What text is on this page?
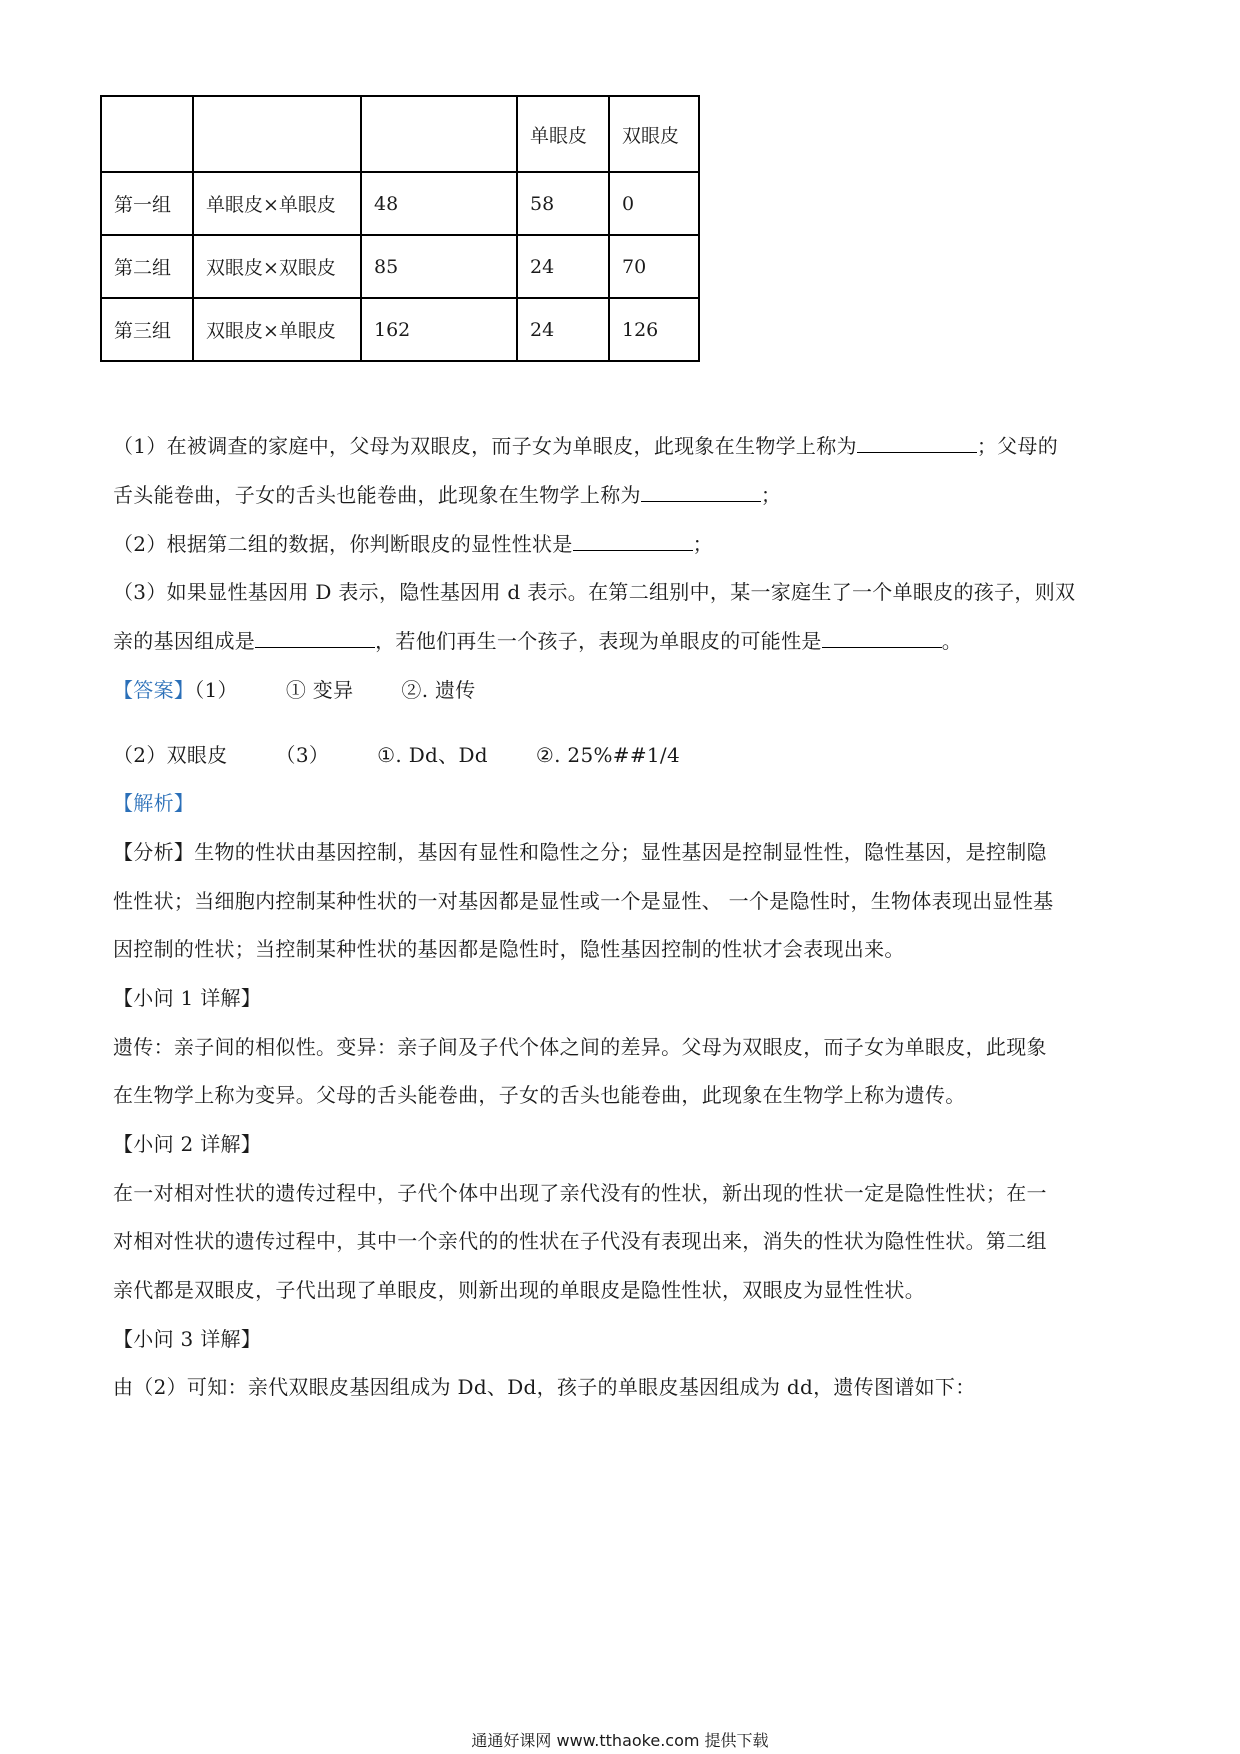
			单眼皮	双眼皮
第一组	单眼皮×单眼皮	48	58	0
第二组	双眼皮×双眼皮	85	24	70
第三组	双眼皮×单眼皮	162	24	126
（1）在被调查的家庭中，父母为双眼皮，而子女为单眼皮，此现象在生物学上称为	；父母的
舌头能卷曲，子女的舌头也能卷曲，此现象在生物学上称为	；
（2）根据第二组的数据，你判断眼皮的显性性状是	；
（3）如果显性基因用 D 表示，隐性基因用 d 表示。在第二组别中，某一家庭生了一个单眼皮的孩子，则双
亲的基因组成是	，若他们再生一个孩子，表现为单眼皮的可能性是	。
【答案】（1） ① 变异 ②. 遗传
（2）双眼皮 （3） ①. Dd、Dd ②. 25%##1/4
【解析】
【分析】生物的性状由基因控制，基因有显性和隐性之分；显性基因是控制显性性，隐性基因，是控制隐
性性状；当细胞内控制某种性状的一对基因都是显性或一个是显性、 一个是隐性时，生物体表现出显性基
因控制的性状；当控制某种性状的基因都是隐性时，隐性基因控制的性状才会表现出来。
【小问 1 详解】
遗传：亲子间的相似性。变异：亲子间及子代个体之间的差异。父母为双眼皮，而子女为单眼皮，此现象
在生物学上称为变异。父母的舌头能卷曲，子女的舌头也能卷曲，此现象在生物学上称为遗传。
【小问 2 详解】
在一对相对性状的遗传过程中，子代个体中出现了亲代没有的性状，新出现的性状一定是隐性性状；在一
对相对性状的遗传过程中，其中一个亲代的的性状在子代没有表现出来，消失的性状为隐性性状。第二组
亲代都是双眼皮，子代出现了单眼皮，则新出现的单眼皮是隐性性状，双眼皮为显性性状。
【小问 3 详解】
由（2）可知：亲代双眼皮基因组成为 Dd、Dd，孩子的单眼皮基因组成为 dd，遗传图谱如下：
通通好课网 www.tthaoke.com 提供下载
